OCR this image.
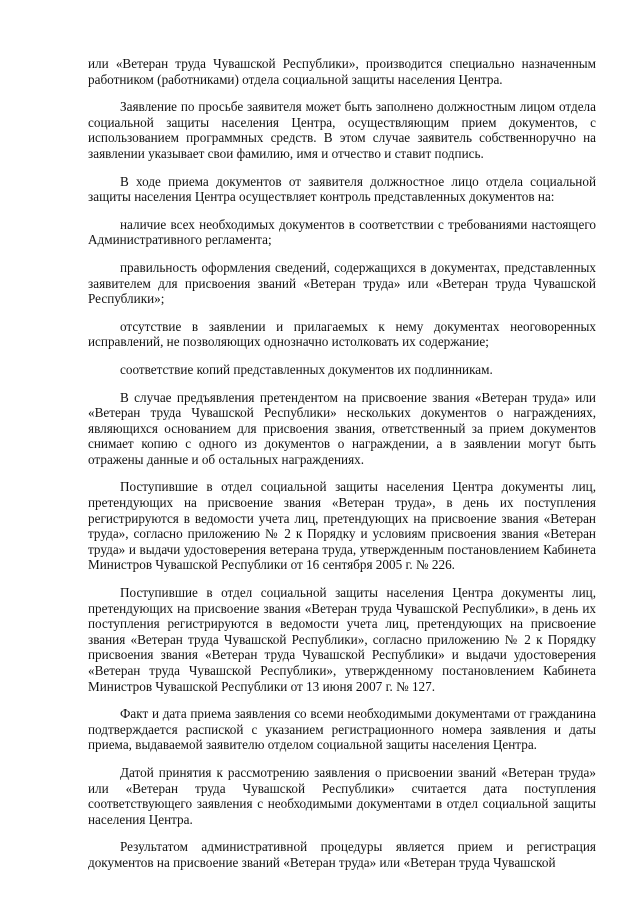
или «Ветеран труда Чувашской Республики», производится специально назначенным работником (работниками) отдела социальной защиты населения Центра.

Заявление по просьбе заявителя может быть заполнено должностным лицом отдела социальной защиты населения Центра, осуществляющим прием документов, с использованием программных средств. В этом случае заявитель собственноручно на заявлении указывает свои фамилию, имя и отчество и ставит подпись.

В ходе приема документов от заявителя должностное лицо отдела социальной защиты населения Центра осуществляет контроль представленных документов на:

наличие всех необходимых документов в соответствии с требованиями настоящего Административного регламента;

правильность оформления сведений, содержащихся в документах, представленных заявителем для присвоения званий «Ветеран труда» или «Ветеран труда Чувашской Республики»;

отсутствие в заявлении и прилагаемых к нему документах неоговоренных исправлений, не позволяющих однозначно истолковать их содержание;

соответствие копий представленных документов их подлинникам.

В случае предъявления претендентом на присвоение звания «Ветеран труда» или «Ветеран труда Чувашской Республики» нескольких документов о награждениях, являющихся основанием для присвоения звания, ответственный за прием документов снимает копию с одного из документов о награждении, а в заявлении могут быть отражены данные и об остальных награждениях.

Поступившие в отдел социальной защиты населения Центра документы лиц, претендующих на присвоение звания «Ветеран труда», в день их поступления регистрируются в ведомости учета лиц, претендующих на присвоение звания «Ветеран труда», согласно приложению № 2 к Порядку и условиям присвоения звания «Ветеран труда» и выдачи удостоверения ветерана труда, утвержденным постановлением Кабинета Министров Чувашской Республики от 16 сентября 2005 г. № 226.

Поступившие в отдел социальной защиты населения Центра документы лиц, претендующих на присвоение звания «Ветеран труда Чувашской Республики», в день их поступления регистрируются в ведомости учета лиц, претендующих на присвоение звания «Ветеран труда Чувашской Республики», согласно приложению № 2 к Порядку присвоения звания «Ветеран труда Чувашской Республики» и выдачи удостоверения «Ветеран труда Чувашской Республики», утвержденному постановлением Кабинета Министров Чувашской Республики от 13 июня 2007 г. № 127.

Факт и дата приема заявления со всеми необходимыми документами от гражданина подтверждается распиской с указанием регистрационного номера заявления и даты приема, выдаваемой заявителю отделом социальной защиты населения Центра.

Датой принятия к рассмотрению заявления о присвоении званий «Ветеран труда» или «Ветеран труда Чувашской Республики» считается дата поступления соответствующего заявления с необходимыми документами в отдел социальной защиты населения Центра.

Результатом административной процедуры является прием и регистрация документов на присвоение званий «Ветеран труда» или «Ветеран труда Чувашской
